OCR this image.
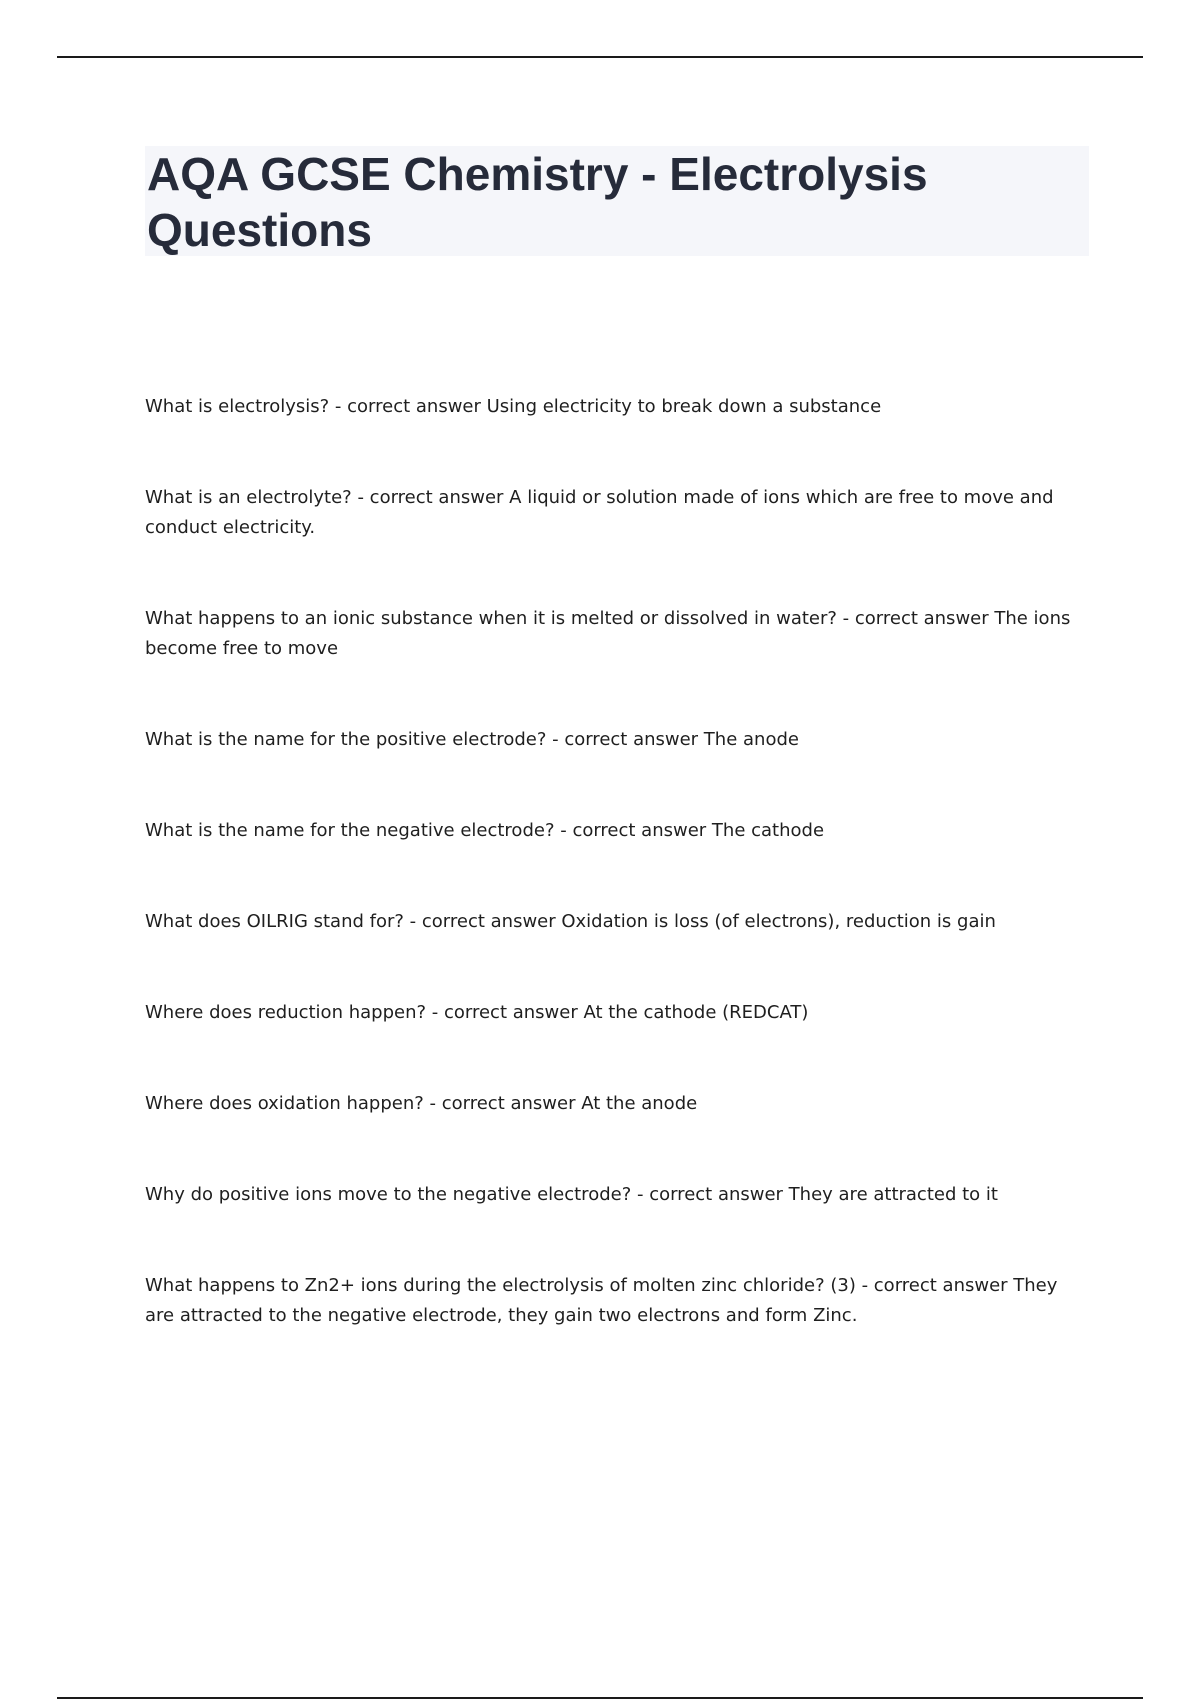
AQA GCSE Chemistry - Electrolysis Questions

What is electrolysis? - correct answer Using electricity to break down a substance

What is an electrolyte? - correct answer A liquid or solution made of ions which are free to move and conduct electricity.

What happens to an ionic substance when it is melted or dissolved in water? - correct answer The ions become free to move

What is the name for the positive electrode? - correct answer The anode

What is the name for the negative electrode? - correct answer The cathode

What does OILRIG stand for? - correct answer Oxidation is loss (of electrons), reduction is gain

Where does reduction happen? - correct answer At the cathode (REDCAT)

Where does oxidation happen? - correct answer At the anode

Why do positive ions move to the negative electrode? - correct answer They are attracted to it

What happens to Zn2+ ions during the electrolysis of molten zinc chloride? (3) - correct answer They are attracted to the negative electrode, they gain two electrons and form Zinc.
